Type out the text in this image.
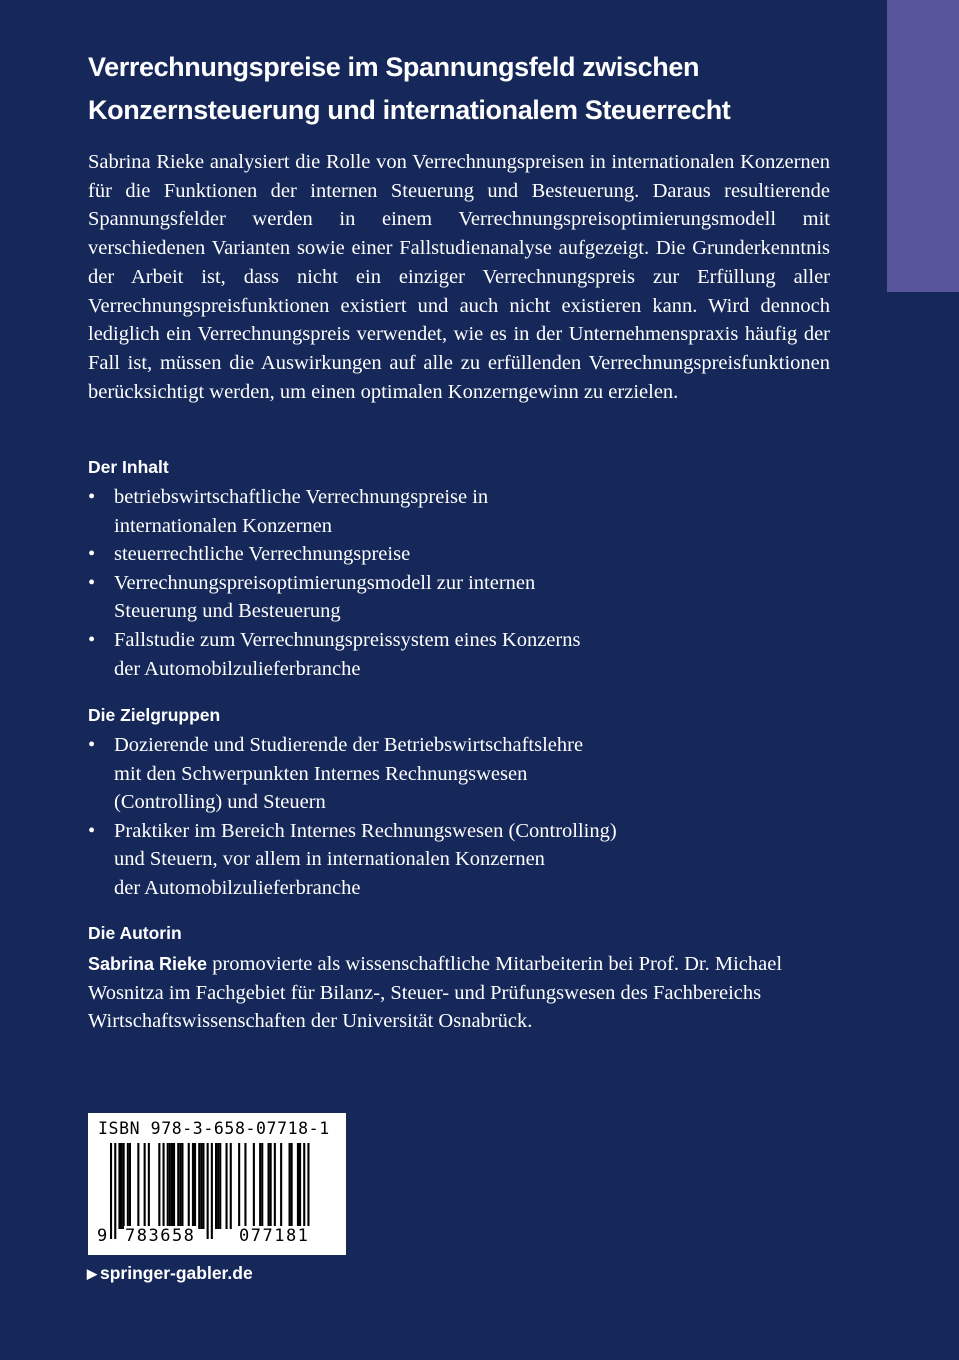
Verrechnungspreise im Spannungsfeld zwischen
Konzernsteuerung und internationalem Steuerrecht

Sabrina Rieke analysiert die Rolle von Verrechnungspreisen in internationalen Konzernen für die Funktionen der internen Steuerung und Besteuerung. Daraus resultierende Spannungsfelder werden in einem Verrechnungspreisoptimierungsmodell mit verschiedenen Varianten sowie einer Fallstudienanalyse aufgezeigt. Die Grunderkenntnis der Arbeit ist, dass nicht ein einziger Verrechnungspreis zur Erfüllung aller Verrechnungspreisfunktionen existiert und auch nicht existieren kann. Wird dennoch lediglich ein Verrechnungspreis verwendet, wie es in der Unternehmenspraxis häufig der Fall ist, müssen die Auswirkungen auf alle zu erfüllenden Verrechnungspreisfunktionen berücksichtigt werden, um einen optimalen Konzerngewinn zu erzielen.

Der Inhalt
• betriebswirtschaftliche Verrechnungspreise in
internationalen Konzernen
• steuerrechtliche Verrechnungspreise
• Verrechnungspreisoptimierungsmodell zur internen
Steuerung und Besteuerung
• Fallstudie zum Verrechnungspreissystem eines Konzerns
der Automobilzulieferbranche
Die Zielgruppen
• Dozierende und Studierende der Betriebswirtschaftslehre
mit den Schwerpunkten Internes Rechnungswesen
(Controlling) und Steuern
• Praktiker im Bereich Internes Rechnungswesen (Controlling)
und Steuern, vor allem in internationalen Konzernen
der Automobilzulieferbranche
Die Autorin

Sabrina Rieke promovierte als wissenschaftliche Mitarbeiterin bei Prof. Dr. Michael Wosnitza im Fachgebiet für Bilanz-, Steuer- und Prüfungswesen des Fachbereichs Wirtschaftswissenschaften der Universität Osnabrück.

ISBN 978-3-658-07718-1

9 783658	077181

▶ springer-gabler.de
